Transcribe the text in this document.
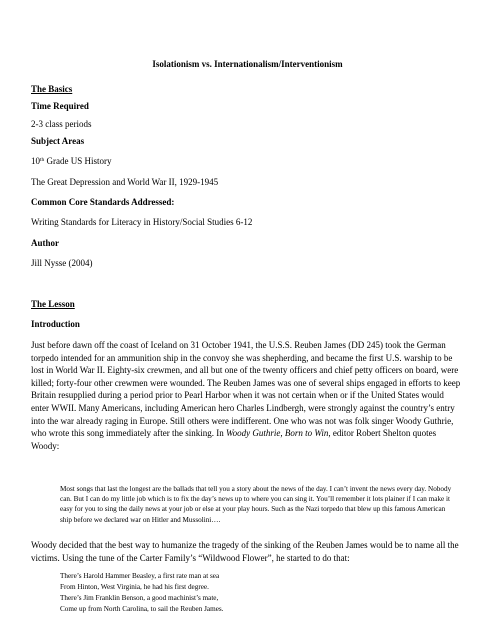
Isolationism vs. Internationalism/Interventionism
The Basics
Time Required
2-3 class periods
Subject Areas
10th Grade US History
The Great Depression and World War II, 1929-1945
Common Core Standards Addressed:
Writing Standards for Literacy in History/Social Studies 6-12
Author
Jill Nysse (2004)
The Lesson
Introduction
Just before dawn off the coast of Iceland on 31 October 1941, the U.S.S. Reuben James (DD 245) took the German torpedo intended for an ammunition ship in the convoy she was shepherding, and became the first U.S. warship to be lost in World War II. Eighty-six crewmen, and all but one of the twenty officers and chief petty officers on board, were killed; forty-four other crewmen were wounded. The Reuben James was one of several ships engaged in efforts to keep Britain resupplied during a period prior to Pearl Harbor when it was not certain when or if the United States would enter WWII. Many Americans, including American hero Charles Lindbergh, were strongly against the country’s entry into the war already raging in Europe. Still others were indifferent. One who was not was folk singer Woody Guthrie, who wrote this song immediately after the sinking. In Woody Guthrie, Born to Win, editor Robert Shelton quotes Woody:
Most songs that last the longest are the ballads that tell you a story about the news of the day. I can’t invent the news every day. Nobody can. But I can do my little job which is to fix the day’s news up to where you can sing it. You’ll remember it lots plainer if I can make it easy for you to sing the daily news at your job or else at your play hours. Such as the Nazi torpedo that blew up this famous American ship before we declared war on Hitler and Mussolini….
Woody decided that the best way to humanize the tragedy of the sinking of the Reuben James would be to name all the victims. Using the tune of the Carter Family’s “Wildwood Flower”, he started to do that:
There’s Harold Hammer Beasley, a first rate man at sea
From Hinton, West Virginia, he had his first degree.
There’s Jim Franklin Benson, a good machinist’s mate,
Come up from North Carolina, to sail the Reuben James.
